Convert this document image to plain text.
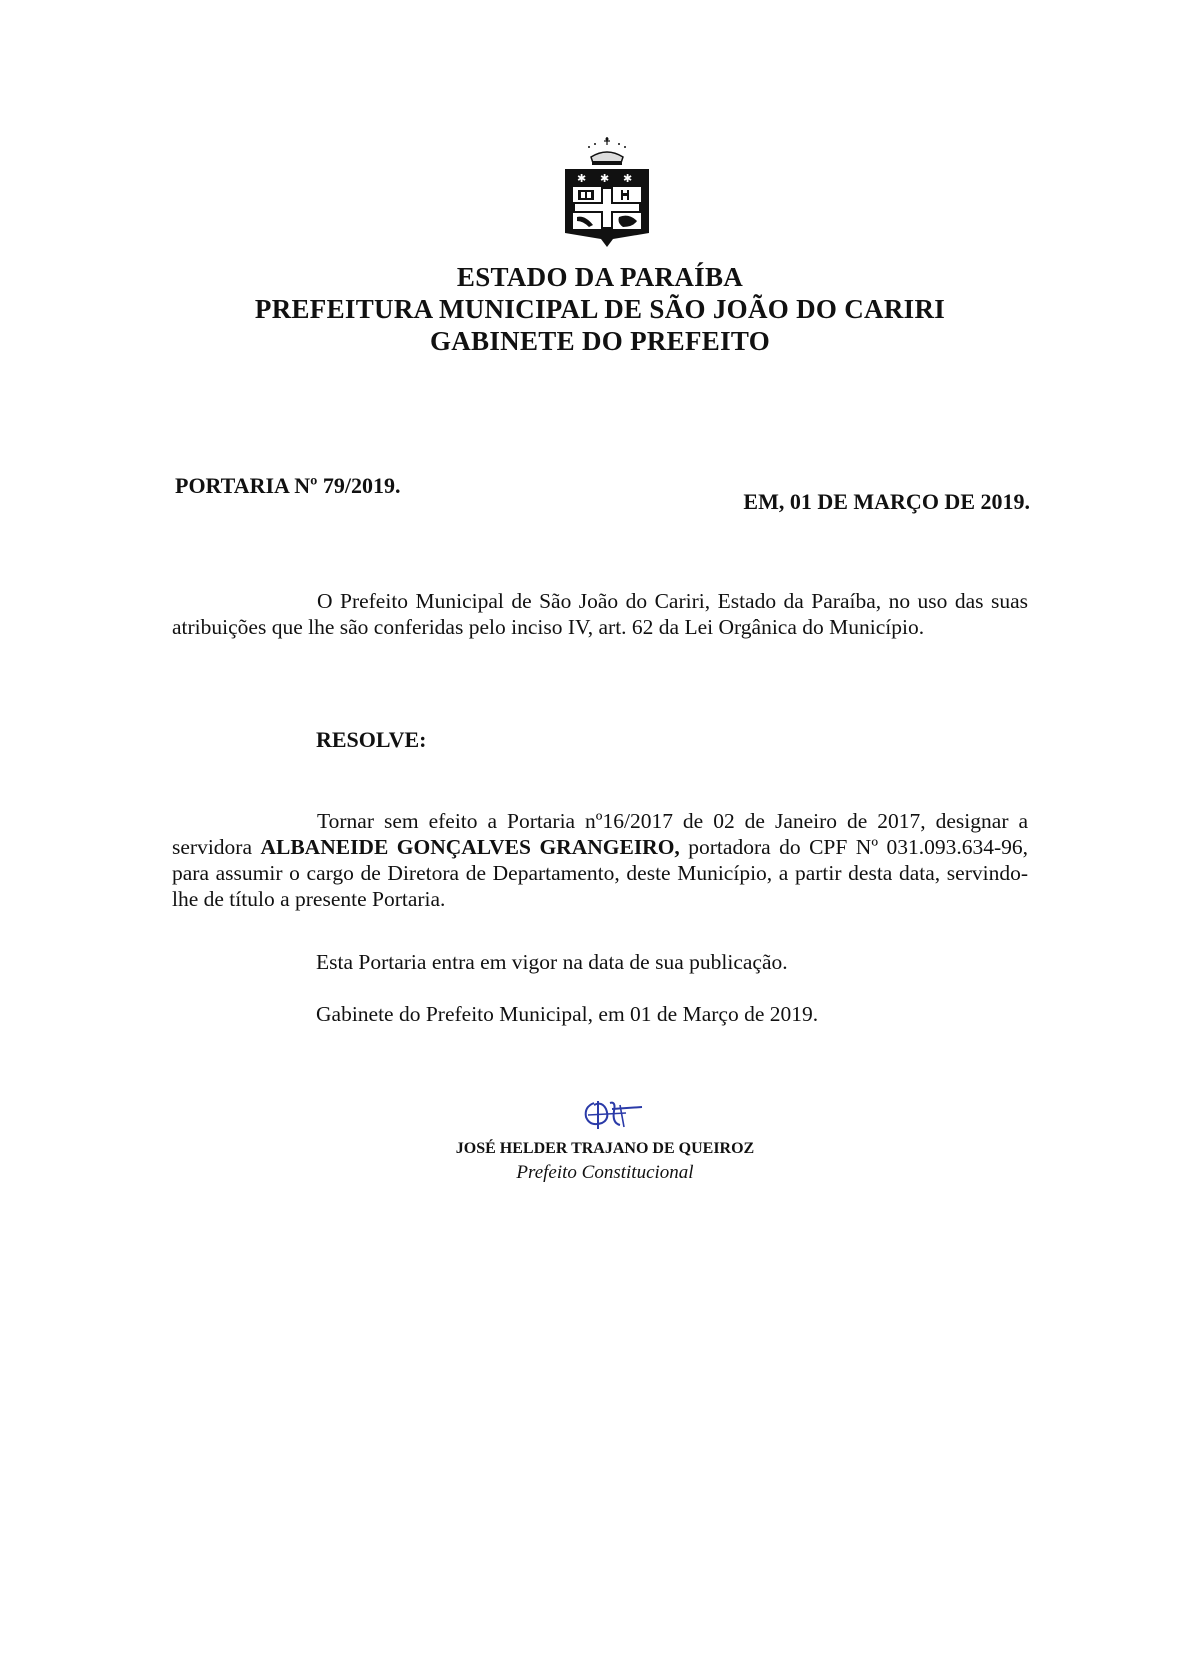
✱ ✱ ✱
ESTADO DA PARAÍBA
PREFEITURA MUNICIPAL DE SÃO JOÃO DO CARIRI
GABINETE DO PREFEITO
PORTARIA Nº 79/2019.
EM, 01 DE MARÇO DE 2019.
O Prefeito Municipal de São João do Cariri, Estado da Paraíba, no uso das suas atribuições que lhe são conferidas pelo inciso IV, art. 62 da Lei Orgânica do Município.
RESOLVE:
Tornar sem efeito a Portaria nº16/2017 de 02 de Janeiro de 2017, designar a servidora ALBANEIDE GONÇALVES GRANGEIRO, portadora do CPF Nº 031.093.634-96, para assumir o cargo de Diretora de Departamento, deste Município, a partir desta data, servindo-lhe de título a presente Portaria.
Esta Portaria entra em vigor na data de sua publicação.
Gabinete do Prefeito Municipal, em 01 de Março de 2019.
JOSÉ HELDER TRAJANO DE QUEIROZ
Prefeito Constitucional
